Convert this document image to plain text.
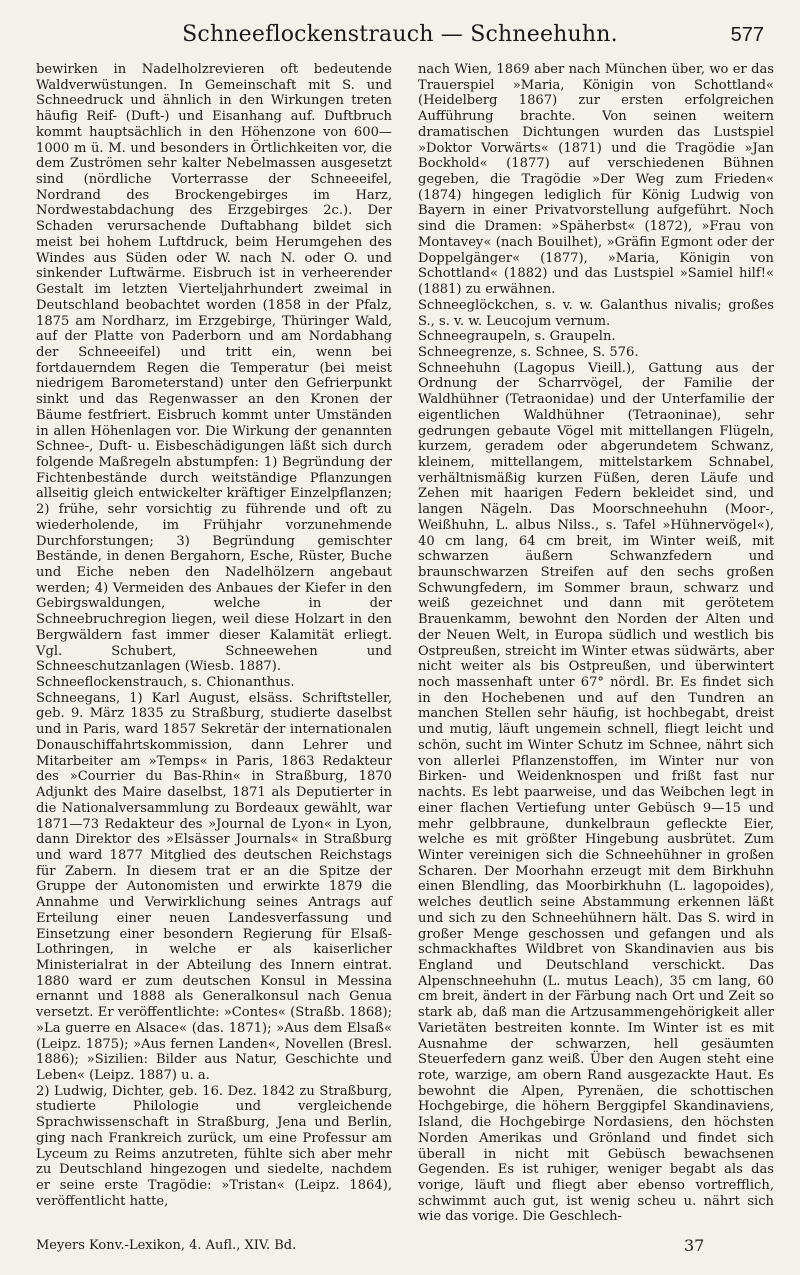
Schneeflockenstrauch — Schneehuhn.	577

bewirken in Nadelholzrevieren oft bedeutende Waldverwüstungen. In Gemeinschaft mit S. und Schneedruck und ähnlich in den Wirkungen treten häufig Reif- (Duft-) und Eisanhang auf. Duftbruch kommt hauptsächlich in den Höhenzone von 600—1000 m ü. M. und besonders in Örtlichkeiten vor, die dem Zuströmen sehr kalter Nebelmassen ausgesetzt sind (nördliche Vorterrasse der Schneeeifel, Nordrand des Brockengebirges im Harz, Nordwestabdachung des Erzgebirges 2c.). Der Schaden verursachende Duftabhang bildet sich meist bei hohem Luftdruck, beim Herumgehen des Windes aus Süden oder W. nach N. oder O. und sinkender Luftwärme. Eisbruch ist in verheerender Gestalt im letzten Vierteljahrhundert zweimal in Deutschland beobachtet worden (1858 in der Pfalz, 1875 am Nordharz, im Erzgebirge, Thüringer Wald, auf der Platte von Paderborn und am Nordabhang der Schneeeifel) und tritt ein, wenn bei fortdauerndem Regen die Temperatur (bei meist niedrigem Barometerstand) unter den Gefrierpunkt sinkt und das Regenwasser an den Kronen der Bäume festfriert. Eisbruch kommt unter Umständen in allen Höhenlagen vor. Die Wirkung der genannten Schnee-, Duft- u. Eisbeschädigungen läßt sich durch folgende Maßregeln abstumpfen: 1) Begründung der Fichtenbestände durch weitständige Pflanzungen allseitig gleich entwickelter kräftiger Einzelpflanzen; 2) frühe, sehr vorsichtig zu führende und oft zu wiederholende, im Frühjahr vorzunehmende Durchforstungen; 3) Begründung gemischter Bestände, in denen Bergahorn, Esche, Rüster, Buche und Eiche neben den Nadelhölzern angebaut werden; 4) Vermeiden des Anbaues der Kiefer in den Gebirgswaldungen, welche in der Schneebruchregion liegen, weil diese Holzart in den Bergwäldern fast immer dieser Kalamität erliegt. Vgl. Schubert, Schneewehen und Schneeschutzanlagen (Wiesb. 1887).

Schneeflockenstrauch, s. Chionanthus.

Schneegans, 1) Karl August, elsäss. Schriftsteller, geb. 9. März 1835 zu Straßburg, studierte daselbst und in Paris, ward 1857 Sekretär der internationalen Donauschiffahrtskommission, dann Lehrer und Mitarbeiter am »Temps« in Paris, 1863 Redakteur des »Courrier du Bas-Rhin« in Straßburg, 1870 Adjunkt des Maire daselbst, 1871 als Deputierter in die Nationalversammlung zu Bordeaux gewählt, war 1871—73 Redakteur des »Journal de Lyon« in Lyon, dann Direktor des »Elsässer Journals« in Straßburg und ward 1877 Mitglied des deutschen Reichstags für Zabern. In diesem trat er an die Spitze der Gruppe der Autonomisten und erwirkte 1879 die Annahme und Verwirklichung seines Antrags auf Erteilung einer neuen Landesverfassung und Einsetzung einer besondern Regierung für Elsaß-Lothringen, in welche er als kaiserlicher Ministerialrat in der Abteilung des Innern eintrat. 1880 ward er zum deutschen Konsul in Messina ernannt und 1888 als Generalkonsul nach Genua versetzt. Er veröffentlichte: »Contes« (Straßb. 1868); »La guerre en Alsace« (das. 1871); »Aus dem Elsaß« (Leipz. 1875); »Aus fernen Landen«, Novellen (Bresl. 1886); »Sizilien: Bilder aus Natur, Geschichte und Leben« (Leipz. 1887) u. a.

2) Ludwig, Dichter, geb. 16. Dez. 1842 zu Straßburg, studierte Philologie und vergleichende Sprachwissenschaft in Straßburg, Jena und Berlin, ging nach Frankreich zurück, um eine Professur am Lyceum zu Reims anzutreten, fühlte sich aber mehr zu Deutschland hingezogen und siedelte, nachdem er seine erste Tragödie: »Tristan« (Leipz. 1864), veröffentlicht hatte,

nach Wien, 1869 aber nach München über, wo er das Trauerspiel »Maria, Königin von Schottland« (Heidelberg 1867) zur ersten erfolgreichen Aufführung brachte. Von seinen weitern dramatischen Dichtungen wurden das Lustspiel »Doktor Vorwärts« (1871) und die Tragödie »Jan Bockhold« (1877) auf verschiedenen Bühnen gegeben, die Tragödie »Der Weg zum Frieden« (1874) hingegen lediglich für König Ludwig von Bayern in einer Privatvorstellung aufgeführt. Noch sind die Dramen: »Späherbst« (1872), »Frau von Montavey« (nach Bouilhet), »Gräfin Egmont oder der Doppelgänger« (1877), »Maria, Königin von Schottland« (1882) und das Lustspiel »Samiel hilf!« (1881) zu erwähnen.

Schneeglöckchen, s. v. w. Galanthus nivalis; großes S., s. v. w. Leucojum vernum.

Schneegraupeln, s. Graupeln.

Schneegrenze, s. Schnee, S. 576.

Schneehuhn (Lagopus Vieill.), Gattung aus der Ordnung der Scharrvögel, der Familie der Waldhühner (Tetraonidae) und der Unterfamilie der eigentlichen Waldhühner (Tetraoninae), sehr gedrungen gebaute Vögel mit mittellangen Flügeln, kurzem, geradem oder abgerundetem Schwanz, kleinem, mittellangem, mittelstarkem Schnabel, verhältnismäßig kurzen Füßen, deren Läufe und Zehen mit haarigen Federn bekleidet sind, und langen Nägeln. Das Moorschneehuhn (Moor-, Weißhuhn, L. albus Nilss., s. Tafel »Hühnervögel«), 40 cm lang, 64 cm breit, im Winter weiß, mit schwarzen äußern Schwanzfedern und braunschwarzen Streifen auf den sechs großen Schwungfedern, im Sommer braun, schwarz und weiß gezeichnet und dann mit gerötetem Brauenkamm, bewohnt den Norden der Alten und der Neuen Welt, in Europa südlich und westlich bis Ostpreußen, streicht im Winter etwas südwärts, aber nicht weiter als bis Ostpreußen, und überwintert noch massenhaft unter 67° nördl. Br. Es findet sich in den Hochebenen und auf den Tundren an manchen Stellen sehr häufig, ist hochbegabt, dreist und mutig, läuft ungemein schnell, fliegt leicht und schön, sucht im Winter Schutz im Schnee, nährt sich von allerlei Pflanzenstoffen, im Winter nur von Birken- und Weidenknospen und frißt fast nur nachts. Es lebt paarweise, und das Weibchen legt in einer flachen Vertiefung unter Gebüsch 9—15 und mehr gelbbraune, dunkelbraun gefleckte Eier, welche es mit größter Hingebung ausbrütet. Zum Winter vereinigen sich die Schneehühner in großen Scharen. Der Moorhahn erzeugt mit dem Birkhuhn einen Blendling, das Moorbirkhuhn (L. lagopoides), welches deutlich seine Abstammung erkennen läßt und sich zu den Schneehühnern hält. Das S. wird in großer Menge geschossen und gefangen und als schmackhaftes Wildbret von Skandinavien aus bis England und Deutschland verschickt. Das Alpenschneehuhn (L. mutus Leach), 35 cm lang, 60 cm breit, ändert in der Färbung nach Ort und Zeit so stark ab, daß man die Artzusammengehörigkeit aller Varietäten bestreiten konnte. Im Winter ist es mit Ausnahme der schwarzen, hell gesäumten Steuerfedern ganz weiß. Über den Augen steht eine rote, warzige, am obern Rand ausgezackte Haut. Es bewohnt die Alpen, Pyrenäen, die schottischen Hochgebirge, die höhern Berggipfel Skandinaviens, Island, die Hochgebirge Nordasiens, den höchsten Norden Amerikas und Grönland und findet sich überall in nicht mit Gebüsch bewachsenen Gegenden. Es ist ruhiger, weniger begabt als das vorige, läuft und fliegt aber ebenso vortrefflich, schwimmt auch gut, ist wenig scheu u. nährt sich wie das vorige. Die Geschlech-

Meyers Konv.-Lexikon, 4. Aufl., XIV. Bd.	37
